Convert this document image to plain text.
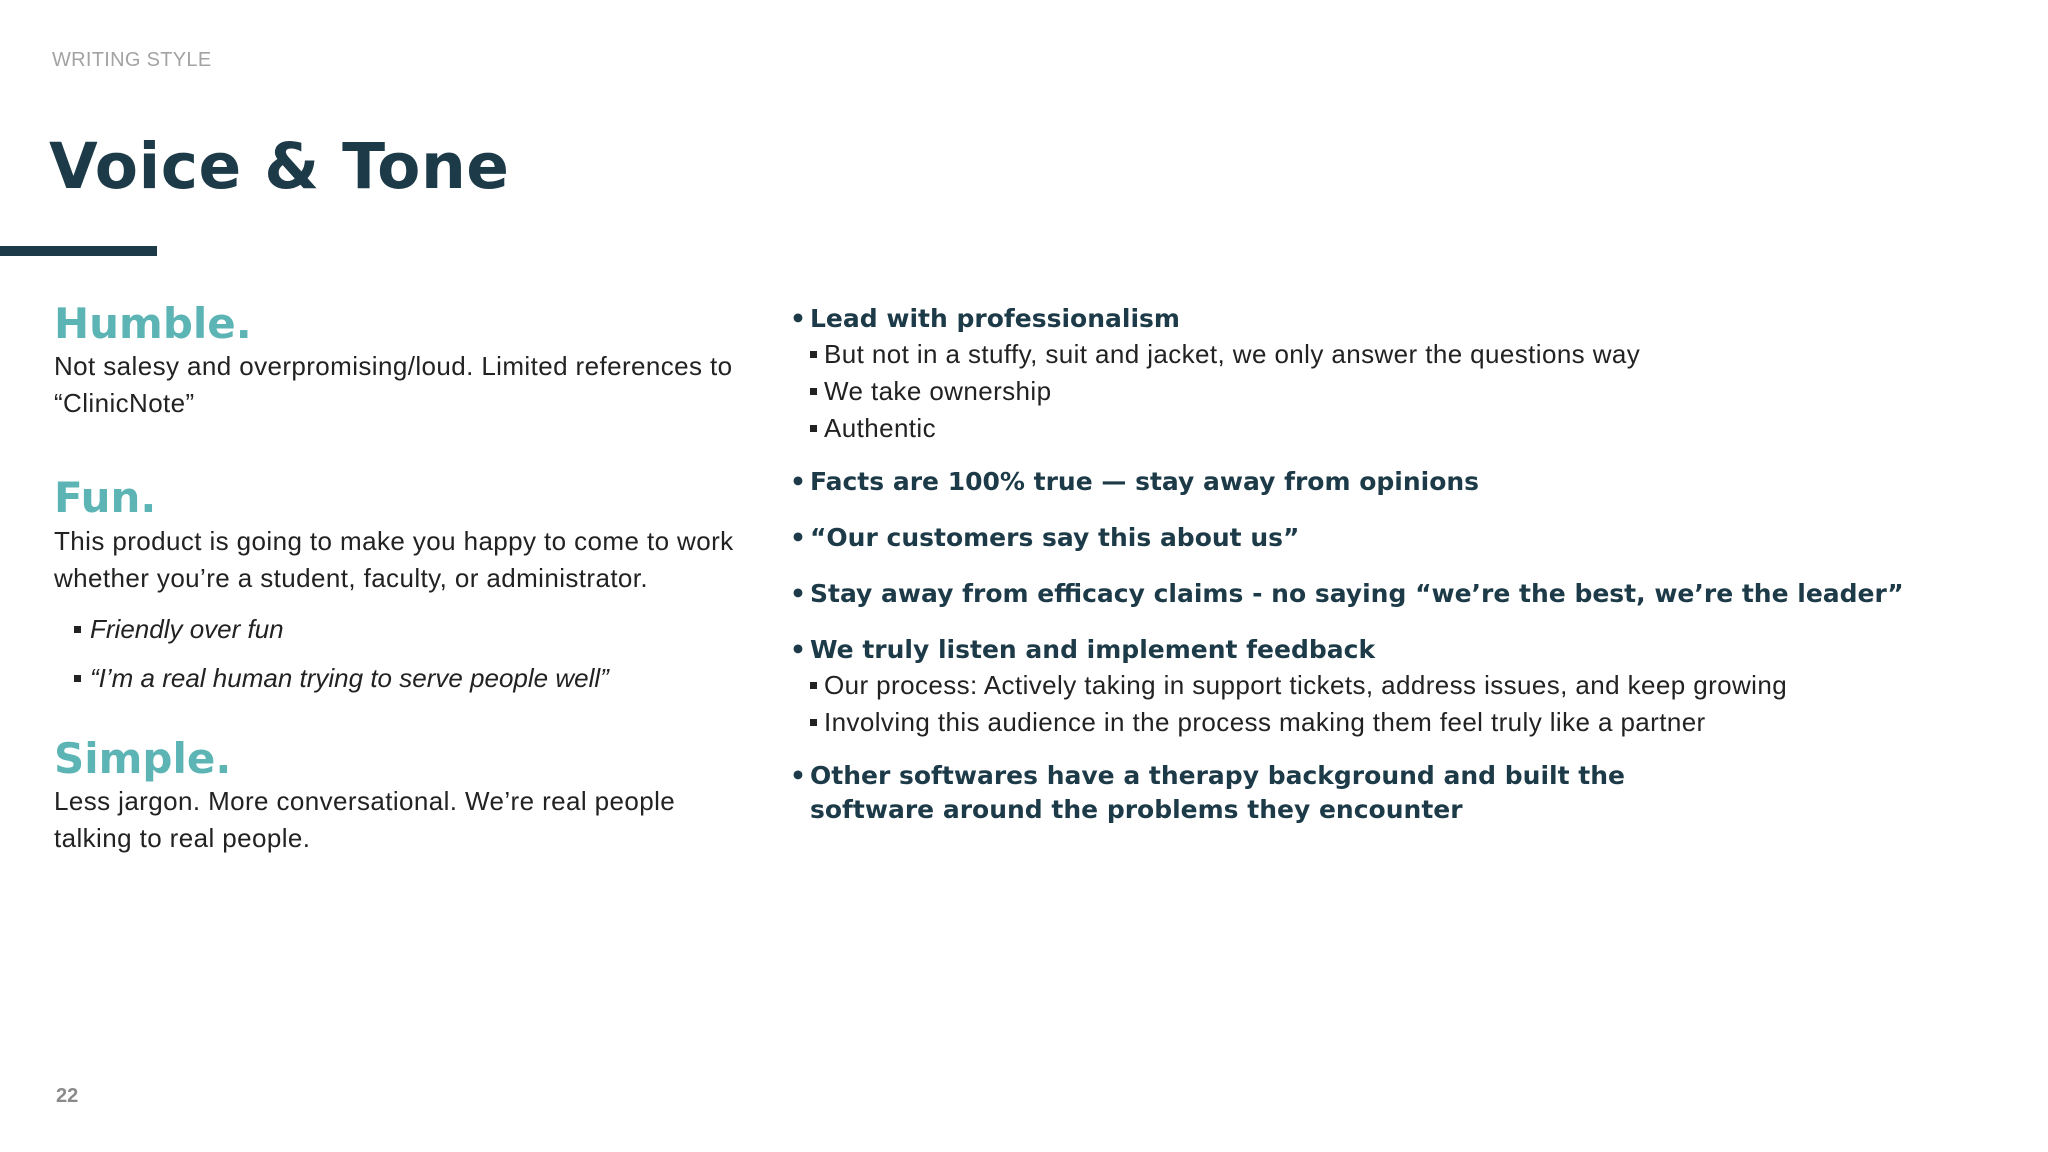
WRITING STYLE
Voice & Tone
Humble.

Not salesy and overpromising/loud. Limited references to “ClinicNote”

Fun.

This product is going to make you happy to come to work whether you’re a student, faculty, or administrator.

Friendly over fun
“I’m a real human trying to serve people well”
Simple.

Less jargon. More conversational. We’re real people talking to real people.

• Lead with professionalism
But not in a stuffy, suit and jacket, we only answer the questions way
We take ownership
Authentic
• Facts are 100% true — stay away from opinions
• “Our customers say this about us”
• Stay away from efficacy claims - no saying “we’re the best, we’re the leader”
• We truly listen and implement feedback
Our process: Actively taking in support tickets, address issues, and keep growing
Involving this audience in the process making them feel truly like a partner
• Other softwares have a therapy background and built the software around the problems they encounter
22
